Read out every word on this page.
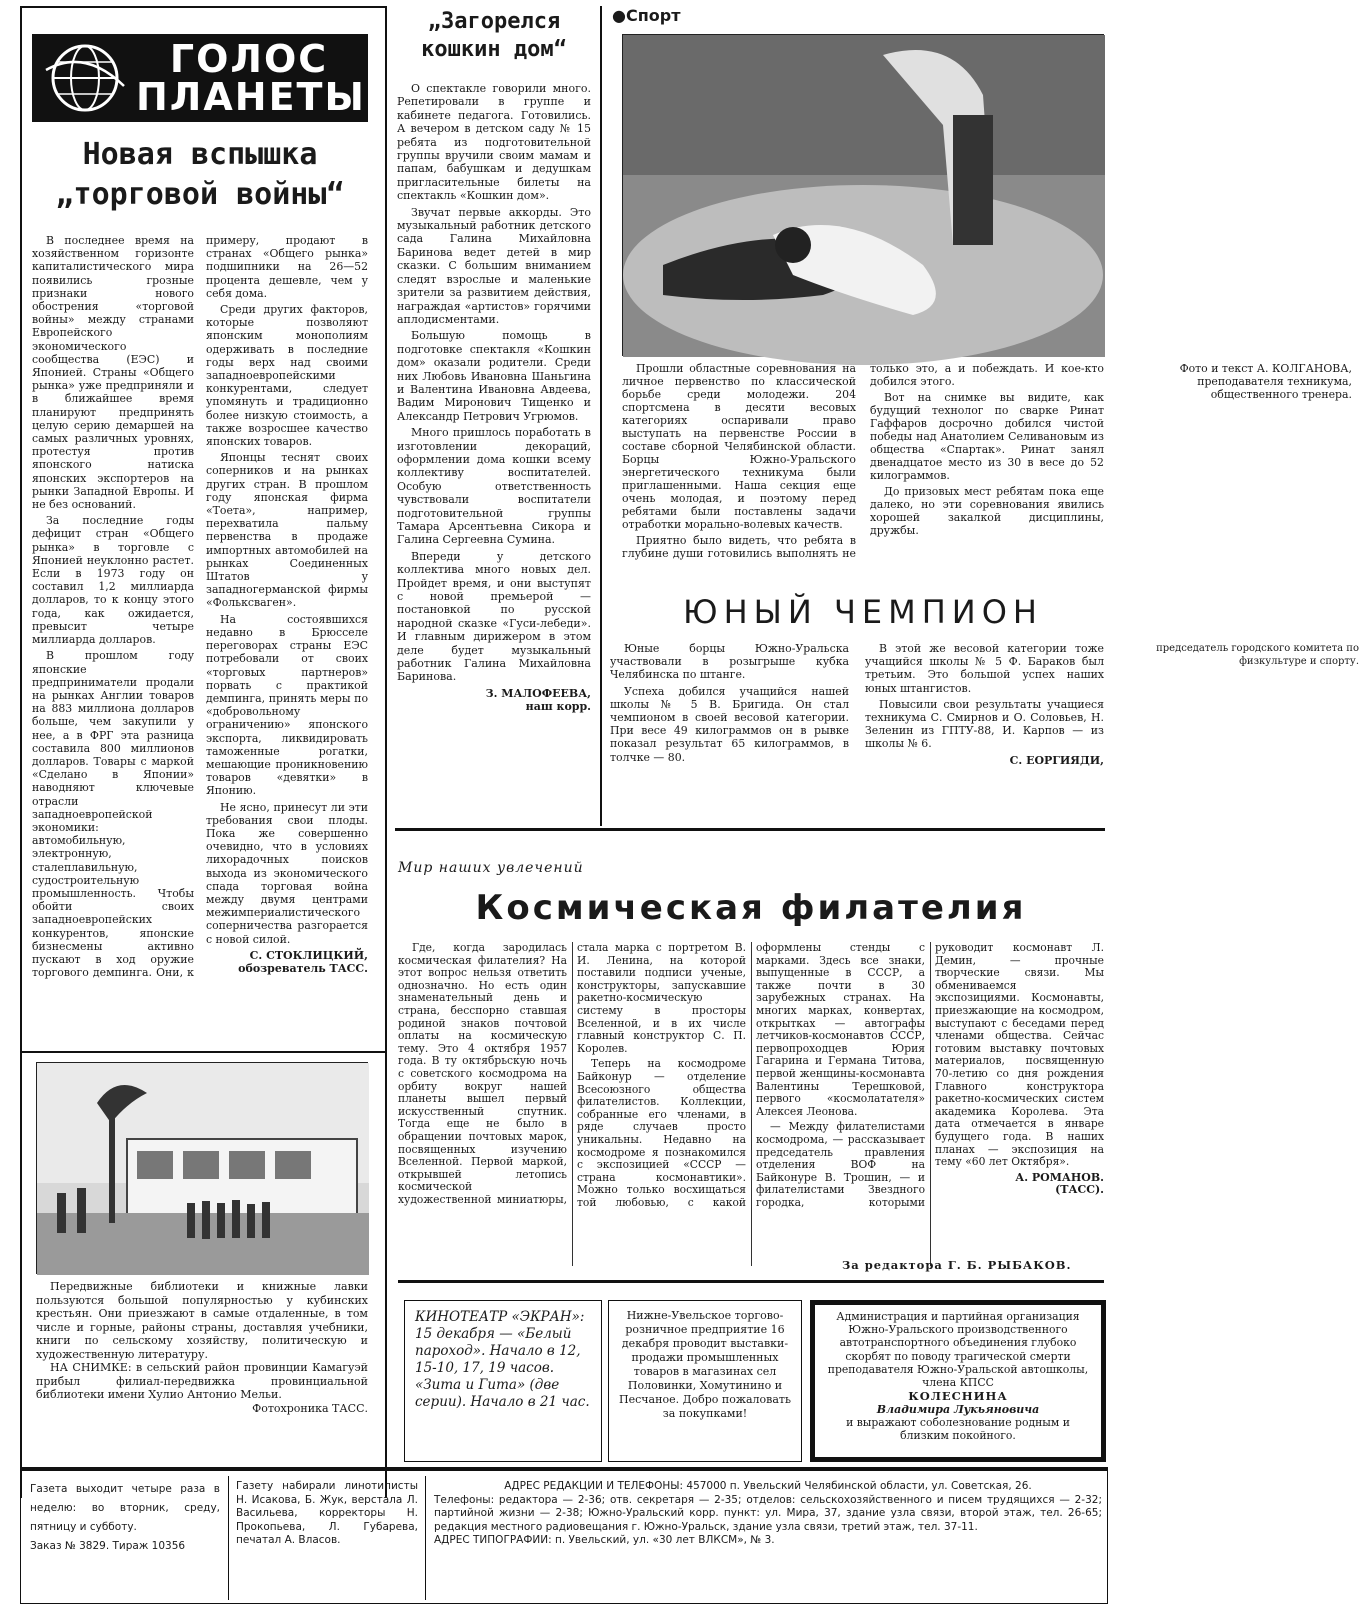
ГОЛОС ПЛАНЕТЫ
Новая вспышка
„торговой войны“

В последнее время на хозяйственном горизонте капиталистического мира появились грозные признаки нового обострения «торговой войны» между странами Европейского экономического сообщества (ЕЭС) и Японией. Страны «Общего рынка» уже предприняли и в ближайшее время планируют предпринять целую серию демаршей на самых различных уровнях, протестуя против японского натиска японских экспортеров на рынки Западной Европы. И не без оснований.

За последние годы дефицит стран «Общего рынка» в торговле с Японией неуклонно растет. Если в 1973 году он составил 1,2 миллиарда долларов, то к концу этого года, как ожидается, превысит четыре миллиарда долларов.

В прошлом году японские предприниматели продали на рынках Англии товаров на 883 миллиона долларов больше, чем закупили у нее, а в ФРГ эта разница составила 800 миллионов долларов. Товары с маркой «Сделано в Японии» наводняют ключевые отрасли западноевропейской экономики: автомобильную, электронную, сталеплавильную, судостроительную промышленность. Чтобы обойти своих западноевропейских конкурентов, японские бизнесмены активно пускают в ход оружие торгового демпинга. Они, к примеру, продают в странах «Общего рынка» подшипники на 26—52 процента дешевле, чем у себя дома.

Среди других факторов, которые позволяют японским монополиям одерживать в последние годы верх над своими западноевропейскими конкурентами, следует упомянуть и традиционно более низкую стоимость, а также возросшее качество японских товаров.

Японцы теснят своих соперников и на рынках других стран. В прошлом году японская фирма «Тоета», например, перехватила пальму первенства в продаже импортных автомобилей на рынках Соединенных Штатов у западногерманской фирмы «Фольксваген».

На состоявшихся недавно в Брюсселе переговорах страны ЕЭС потребовали от своих «торговых партнеров» порвать с практикой демпинга, принять меры по «добровольному ограничению» японского экспорта, ликвидировать таможенные рогатки, мешающие проникновению товаров «девятки» в Японию.

Не ясно, принесут ли эти требования свои плоды. Пока же совершенно очевидно, что в условиях лихорадочных поисков выхода из экономического спада торговая война между двумя центрами межимпериалистического соперничества разгорается с новой силой.

С. СТОКЛИЦКИЙ,
обозреватель ТАСС.

Передвижные библиотеки и книжные лавки пользуются большой популярностью у кубинских крестьян. Они приезжают в самые отдаленные, в том числе и горные, районы страны, доставляя учебники, книги по сельскому хозяйству, политическую и художественную литературу.

НА СНИМКЕ: в сельский район провинции Камагуэй прибыл филиал-передвижка провинциальной библиотеки имени Хулио Антонио Мельи.

Фотохроника ТАСС.
„Загорелся
кошкин дом“

О спектакле говорили много. Репетировали в группе и кабинете педагога. Готовились. А вечером в детском саду № 15 ребята из подготовительной группы вручили своим мамам и папам, бабушкам и дедушкам пригласительные билеты на спектакль «Кошкин дом».

Звучат первые аккорды. Это музыкальный работник детского сада Галина Михайловна Баринова ведет детей в мир сказки. С большим вниманием следят взрослые и маленькие зрители за развитием действия, награждая «артистов» горячими аплодисментами.

Большую помощь в подготовке спектакля «Кошкин дом» оказали родители. Среди них Любовь Ивановна Шаньгина и Валентина Ивановна Авдеева, Вадим Миронович Тищенко и Александр Петрович Угрюмов.

Много пришлось поработать в изготовлении декораций, оформлении дома кошки всему коллективу воспитателей. Особую ответственность чувствовали воспитатели подготовительной группы Тамара Арсентьевна Сикора и Галина Сергеевна Сумина.

Впереди у детского коллектива много новых дел. Пройдет время, и они выступят с новой премьерой — постановкой по русской народной сказке «Гуси-лебеди». И главным дирижером в этом деле будет музыкальный работник Галина Михайловна Баринова.

З. МАЛОФЕЕВА,
наш корр.
●Спорт

Прошли областные соревнования на личное первенство по классической борьбе среди молодежи. 204 спортсмена в десяти весовых категориях оспаривали право выступать на первенстве России в составе сборной Челябинской области. Борцы Южно-Уральского энергетического техникума были приглашенными. Наша секция еще очень молодая, и поэтому перед ребятами были поставлены задачи отработки морально-волевых качеств.

Приятно было видеть, что ребята в глубине души готовились выполнять не только это, а и побеждать. И кое-кто добился этого.

Вот на снимке вы видите, как будущий технолог по сварке Ринат Гаффаров досрочно добился чистой победы над Анатолием Селивановым из общества «Спартак». Ринат занял двенадцатое место из 30 в весе до 52 килограммов.

До призовых мест ребятам пока еще далеко, но эти соревнования явились хорошей закалкой дисциплины, дружбы.

Фото и текст А. КОЛГАНОВА, преподавателя техникума, общественного тренера.

ЮНЫЙ ЧЕМПИОН

Юные борцы Южно-Уральска участвовали в розыгрыше кубка Челябинска по штанге.

Успеха добился учащийся нашей школы № 5 В. Бригида. Он стал чемпионом в своей весовой категории. При весе 49 килограммов он в рывке показал результат 65 килограммов, в толчке — 80.

В этой же весовой категории тоже учащийся школы № 5 Ф. Бараков был третьим. Это большой успех наших юных штангистов.

Повысили свои результаты учащиеся техникума С. Смирнов и О. Соловьев, Н. Зеленин из ГПТУ-88, И. Карпов — из школы № 6.

С. ЕОРГИЯДИ,
председатель городского комитета по физкультуре и спорту.
Мир наших увлечений
Космическая филателия

Где, когда зародилась космическая филателия? На этот вопрос нельзя ответить однозначно. Но есть один знаменательный день и страна, бесспорно ставшая родиной знаков почтовой оплаты на космическую тему. Это 4 октября 1957 года. В ту октябрьскую ночь с советского космодрома на орбиту вокруг нашей планеты вышел первый искусственный спутник. Тогда еще не было в обращении почтовых марок, посвященных изучению Вселенной. Первой маркой, открывшей летопись космической художественной миниатюры, стала марка с портретом В. И. Ленина, на которой поставили подписи ученые, конструкторы, запускавшие ракетно-космическую систему в просторы Вселенной, и в их числе главный конструктор С. П. Королев.

Теперь на космодроме Байконур — отделение Всесоюзного общества филателистов. Коллекции, собранные его членами, в ряде случаев просто уникальны. Недавно на космодроме я познакомился с экспозицией «СССР — страна космонавтики». Можно только восхищаться той любовью, с какой оформлены стенды с марками. Здесь все знаки, выпущенные в СССР, а также почти в 30 зарубежных странах. На многих марках, конвертах, открытках — автографы летчиков-космонавтов СССР, первопроходцев Юрия Гагарина и Германа Титова, первой женщины-космонавта Валентины Терешковой, первого «космолатателя» Алексея Леонова.

— Между филателистами космодрома, — рассказывает председатель правления отделения ВОФ на Байконуре В. Трошин, — и филателистами Звездного городка, которыми руководит космонавт Л. Демин, — прочные творческие связи. Мы обмениваемся экспозициями. Космонавты, приезжающие на космодром, выступают с беседами перед членами общества. Сейчас готовим выставку почтовых материалов, посвященную 70-летию со дня рождения Главного конструктора ракетно-космических систем академика Королева. Эта дата отмечается в январе будущего года. В наших планах — экспозиция на тему «60 лет Октября».

А. РОМАНОВ.
(ТАСС).
За редактора Г. Б. РЫБАКОВ.
КИНОТЕАТР «ЭКРАН»: 15 декабря — «Белый пароход». Начало в 12, 15-10, 17, 19 часов. «Зита и Гита» (две серии). Начало в 21 час.
Нижне-Увельское торгово-розничное предприятие 16 декабря проводит выставки-продажи промышленных товаров в магазинах сел Половинки, Хомутинино и Песчаное. Добро пожаловать за покупками!
Администрация и партийная организация Южно-Уральского производственного автотранспортного объединения глубоко скорбят по поводу трагической смерти преподавателя Южно-Уральской автошколы, члена КПСС
КОЛЕСНИНА
Владимира Лукьяновича
и выражают соболезнование родным и близким покойного.
Газета выходит четыре раза в неделю: во вторник, среду, пятницу и субботу.
Заказ № 3829. Тираж 10356
Газету набирали линотиписты Н. Исакова, Б. Жук, верстала Л. Васильева, корректоры Н. Прокопьева, Л. Губарева, печатал А. Власов.
АДРЕС РЕДАКЦИИ И ТЕЛЕФОНЫ: 457000 п. Увельский Челябинской области, ул. Советская, 26.
Телефоны: редактора — 2-36; отв. секретаря — 2-35; отделов: сельскохозяйственного и писем трудящихся — 2-32; партийной жизни — 2-38; Южно-Уральский корр. пункт: ул. Мира, 37, здание узла связи, второй этаж, тел. 26-65; редакция местного радиовещания г. Южно-Уральск, здание узла связи, третий этаж, тел. 37-11.
АДРЕС ТИПОГРАФИИ: п. Увельский, ул. «30 лет ВЛКСМ», № 3.
